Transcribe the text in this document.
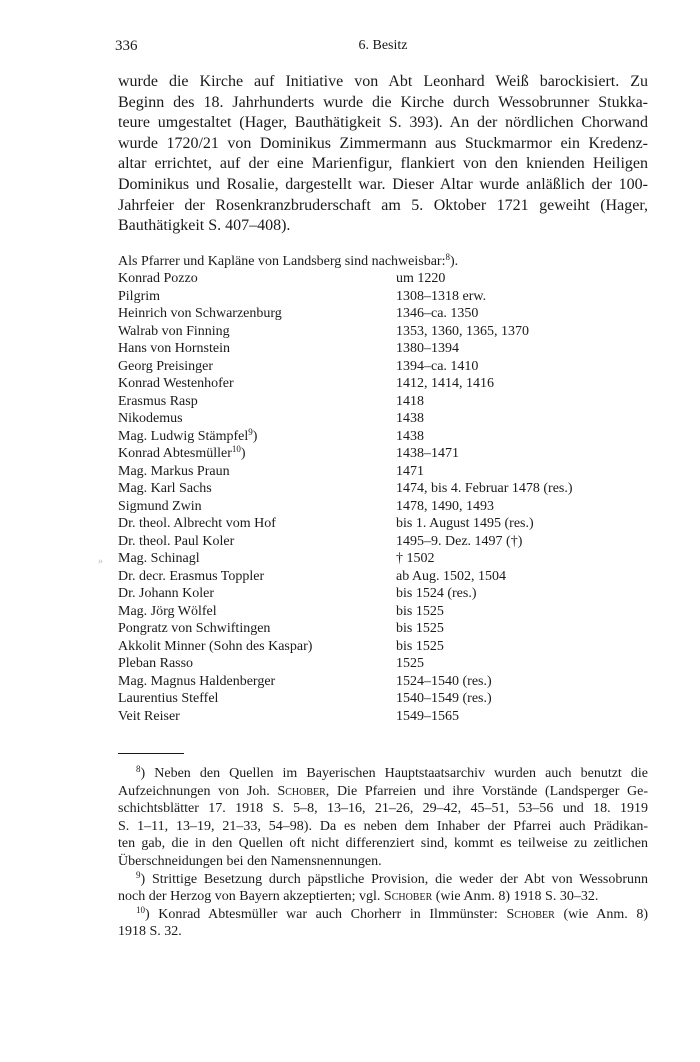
336	6. Besitz
wurde die Kirche auf Initiative von Abt Leonhard Weiß barockisiert. Zu
Beginn des 18. Jahrhunderts wurde die Kirche durch Wessobrunner Stukka-
teure umgestaltet (Hager, Bauthätigkeit S. 393). An der nördlichen Chorwand
wurde 1720/21 von Dominikus Zimmermann aus Stuckmarmor ein Kredenz-
altar errichtet, auf der eine Marienfigur, flankiert von den knienden Heiligen
Dominikus und Rosalie, dargestellt war. Dieser Altar wurde anläßlich der 100-
Jahrfeier der Rosenkranzbruderschaft am 5. Oktober 1721 geweiht (Hager,
Bauthätigkeit S. 407–408).
Als Pfarrer und Kapläne von Landsberg sind nachweisbar:$^8$).
»
Konrad Pozzo	um 1220
Pilgrim	1308–1318 erw.
Heinrich von Schwarzenburg	1346–ca. 1350
Walrab von Finning	1353, 1360, 1365, 1370
Hans von Hornstein	1380–1394
Georg Preisinger	1394–ca. 1410
Konrad Westenhofer	1412, 1414, 1416
Erasmus Rasp	1418
Nikodemus	1438
Mag. Ludwig Stämpfel$^9$)	1438
Konrad Abtesmüller$^{10}$)	1438–1471
Mag. Markus Praun	1471
Mag. Karl Sachs	1474, bis 4. Februar 1478 (res.)
Sigmund Zwin	1478, 1490, 1493
Dr. theol. Albrecht vom Hof	bis 1. August 1495 (res.)
Dr. theol. Paul Koler	1495–9. Dez. 1497 (†)
Mag. Schinagl	† 1502
Dr. decr. Erasmus Toppler	ab Aug. 1502, 1504
Dr. Johann Koler	bis 1524 (res.)
Mag. Jörg Wölfel	bis 1525
Pongratz von Schwiftingen	bis 1525
Akkolit Minner (Sohn des Kaspar)	bis 1525
Pleban Rasso	1525
Mag. Magnus Haldenberger	1524–1540 (res.)
Laurentius Steffel	1540–1549 (res.)
Veit Reiser	1549–1565
$^8$) Neben den Quellen im Bayerischen Hauptstaatsarchiv wurden auch benutzt die
Aufzeichnungen von Joh. Schober, Die Pfarreien und ihre Vorstände (Landsperger Ge-
schichtsblätter 17. 1918 S. 5–8, 13–16, 21–26, 29–42, 45–51, 53–56 und 18. 1919
S. 1–11, 13–19, 21–33, 54–98). Da es neben dem Inhaber der Pfarrei auch Prädikan-
ten gab, die in den Quellen oft nicht differenziert sind, kommt es teilweise zu zeitlichen
Überschneidungen bei den Namensnennungen.
$^9$) Strittige Besetzung durch päpstliche Provision, die weder der Abt von Wessobrunn
noch der Herzog von Bayern akzeptierten; vgl. Schober (wie Anm. 8) 1918 S. 30–32.
$^{10}$) Konrad Abtesmüller war auch Chorherr in Ilmmünster: Schober (wie Anm. 8)
1918 S. 32.
